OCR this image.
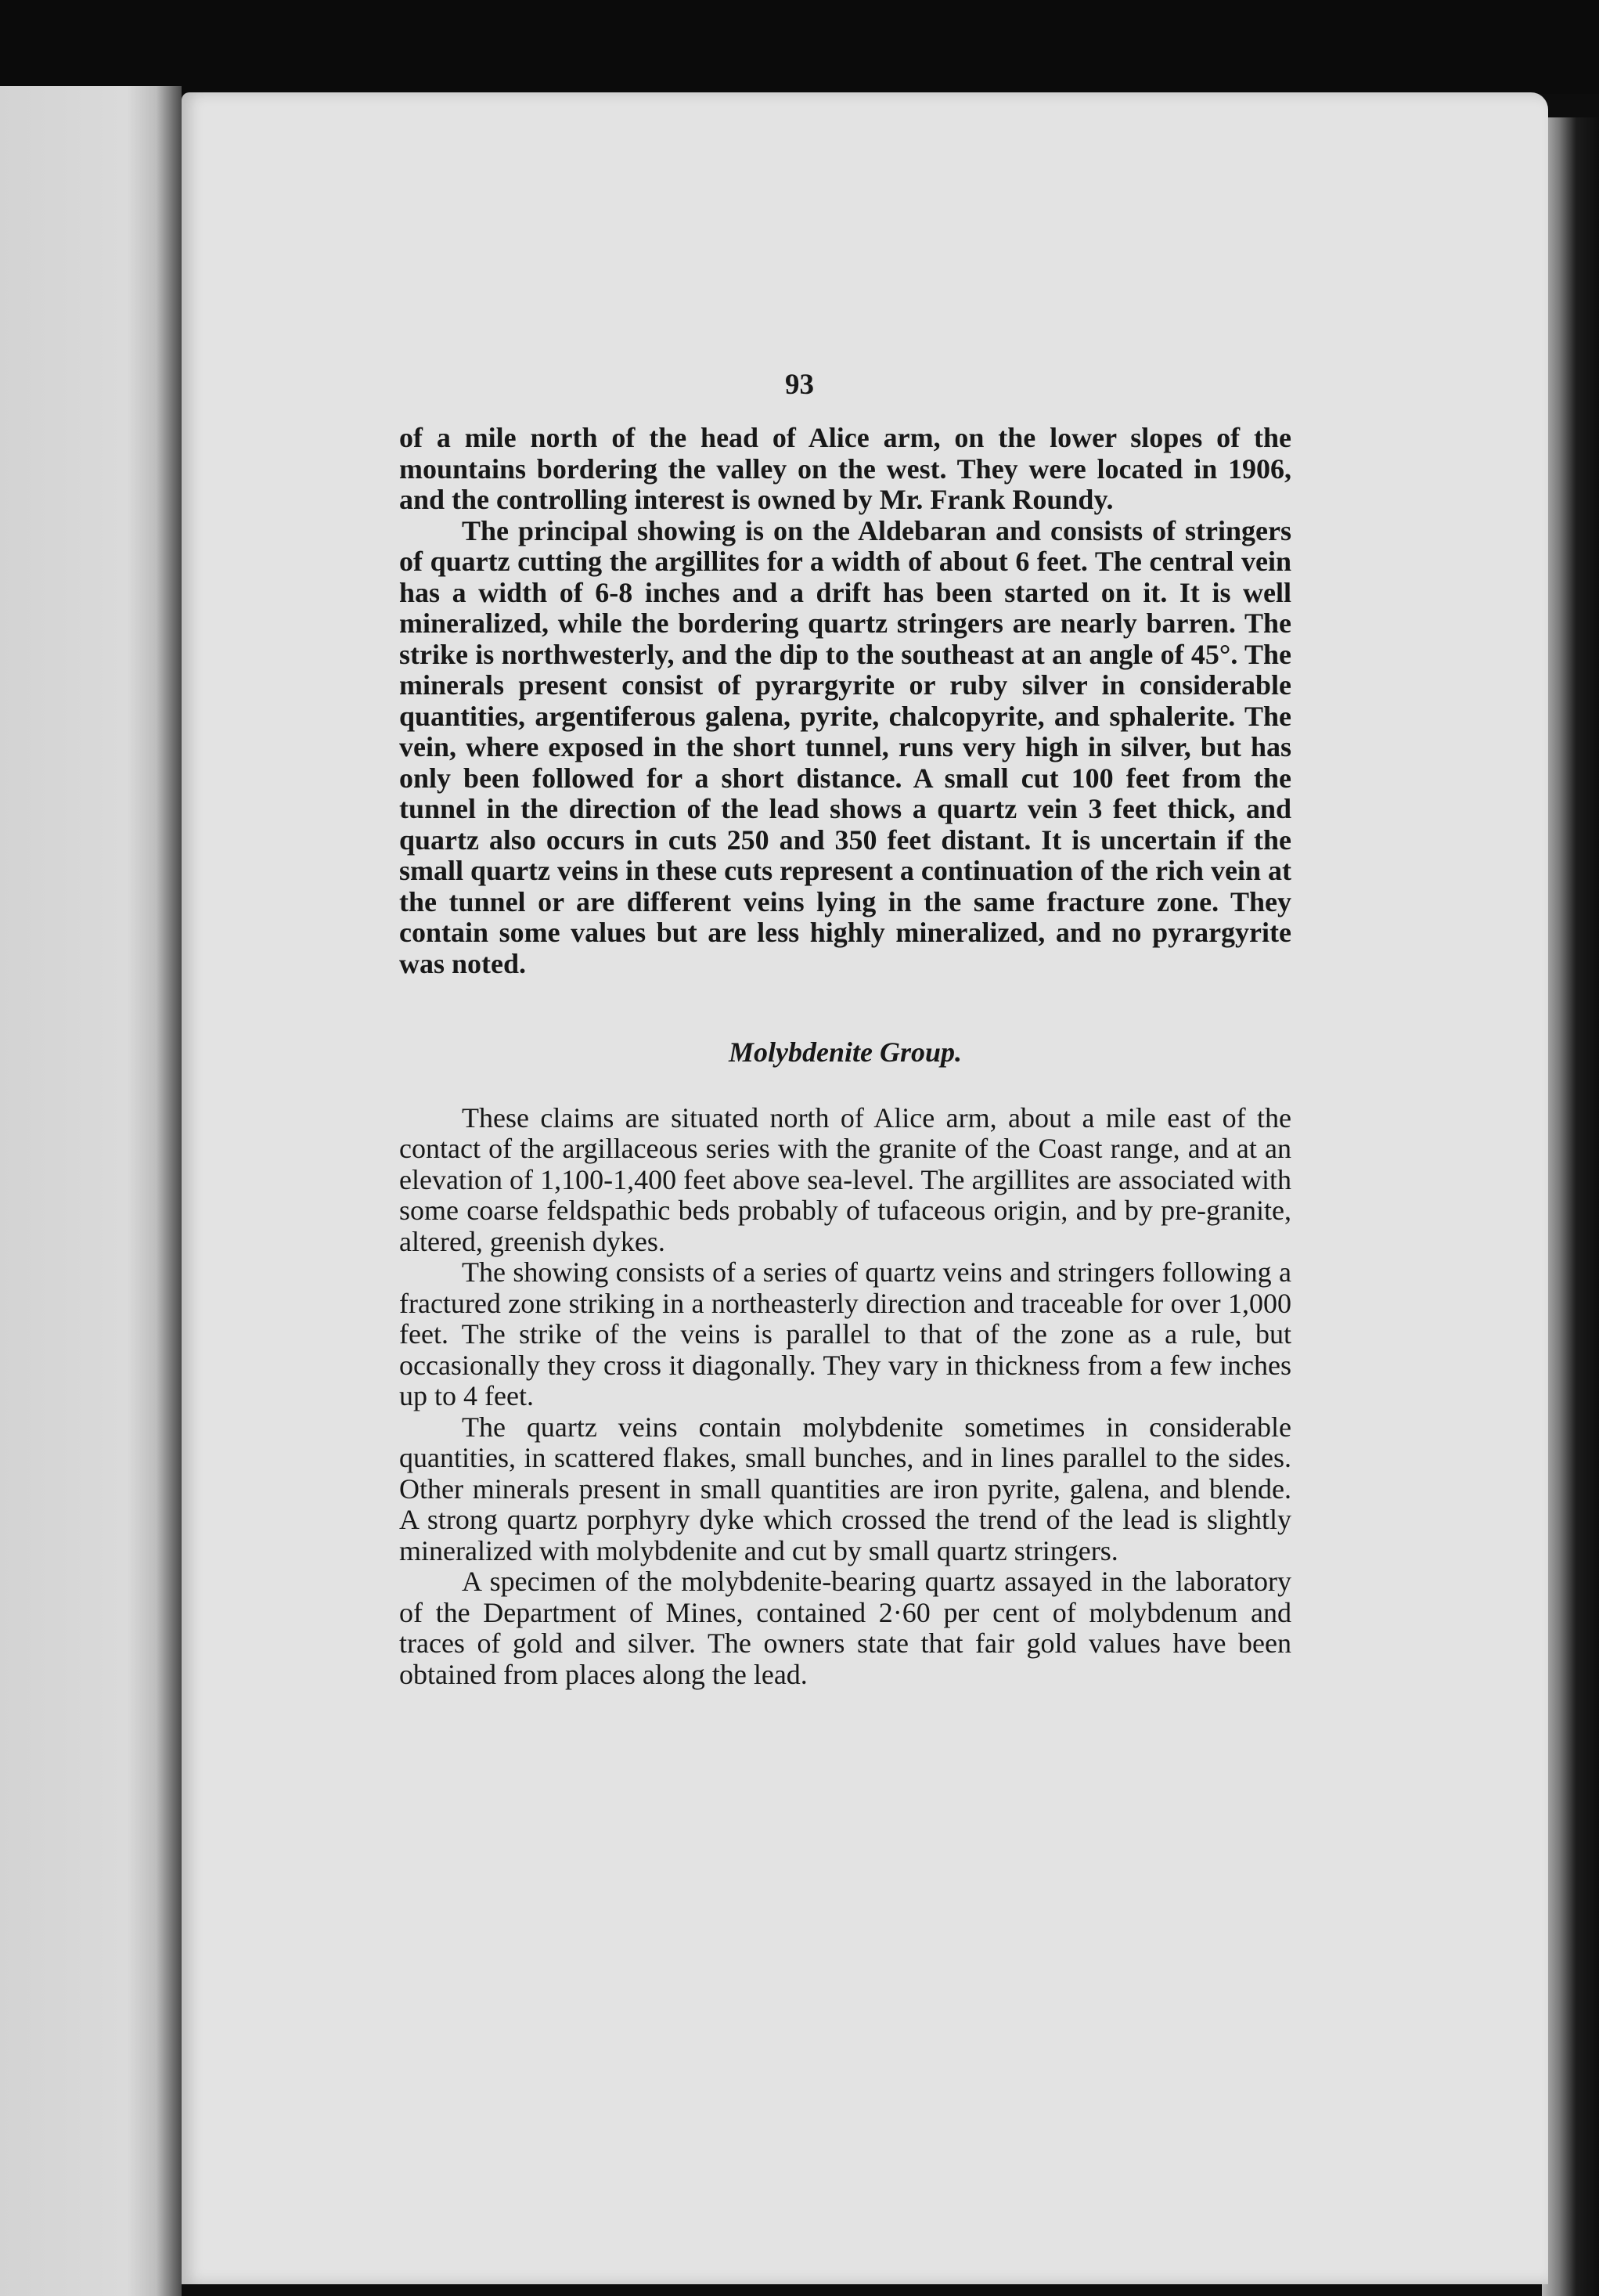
93

of a mile north of the head of Alice arm, on the lower slopes of the mountains bordering the valley on the west. They were located in 1906, and the controlling interest is owned by Mr. Frank Roundy.

The principal showing is on the Aldebaran and consists of stringers of quartz cutting the argillites for a width of about 6 feet. The central vein has a width of 6-8 inches and a drift has been started on it. It is well mineralized, while the bordering quartz stringers are nearly barren. The strike is northwesterly, and the dip to the southeast at an angle of 45°. The minerals present consist of pyrargyrite or ruby silver in considerable quantities, argentiferous galena, pyrite, chalcopyrite, and sphalerite. The vein, where exposed in the short tunnel, runs very high in silver, but has only been followed for a short distance. A small cut 100 feet from the tunnel in the direction of the lead shows a quartz vein 3 feet thick, and quartz also occurs in cuts 250 and 350 feet distant. It is uncertain if the small quartz veins in these cuts represent a continuation of the rich vein at the tunnel or are different veins lying in the same fracture zone. They contain some values but are less highly mineralized, and no pyrargyrite was noted.

Molybdenite Group.

These claims are situated north of Alice arm, about a mile east of the contact of the argillaceous series with the granite of the Coast range, and at an elevation of 1,100-1,400 feet above sea-level. The argillites are associated with some coarse feldspathic beds probably of tufaceous origin, and by pre-granite, altered, greenish dykes.

The showing consists of a series of quartz veins and stringers following a fractured zone striking in a northeasterly direction and traceable for over 1,000 feet. The strike of the veins is parallel to that of the zone as a rule, but occasionally they cross it diagonally. They vary in thickness from a few inches up to 4 feet.

The quartz veins contain molybdenite sometimes in considerable quantities, in scattered flakes, small bunches, and in lines parallel to the sides. Other minerals present in small quantities are iron pyrite, galena, and blende. A strong quartz porphyry dyke which crossed the trend of the lead is slightly mineralized with molybdenite and cut by small quartz stringers.

A specimen of the molybdenite-bearing quartz assayed in the laboratory of the Department of Mines, contained 2·60 per cent of molybdenum and traces of gold and silver. The owners state that fair gold values have been obtained from places along the lead.
